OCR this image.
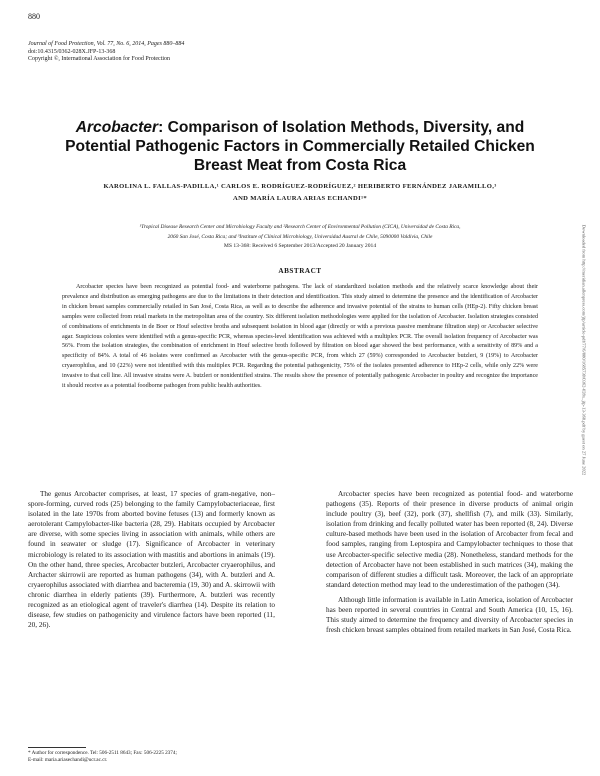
880
Journal of Food Protection, Vol. 77, No. 6, 2014, Pages 880–884
doi:10.4315/0362-028X.JFP-13-368
Copyright ©, International Association for Food Protection
Downloaded from http://meridian.allenpress.com/jfp/article-pdf/77/6/880/1685730/0362-028x_jfp-13-368.pdf by guest on 27 June 2022
Arcobacter: Comparison of Isolation Methods, Diversity, and Potential Pathogenic Factors in Commercially Retailed Chicken Breast Meat from Costa Rica
KAROLINA L. FALLAS-PADILLA,¹ CARLOS E. RODRÍGUEZ-RODRÍGUEZ,² HERIBERTO FERNÁNDEZ JARAMILLO,³
AND MARÍA LAURA ARIAS ECHANDI¹*
¹Tropical Disease Research Center and Microbiology Faculty and ²Research Center of Environmental Pollution (CICA), Universidad de Costa Rica,
2060 San José, Costa Rica; and ³Institute of Clinical Microbiology, Universidad Austral de Chile, 5090000 Valdivia, Chile
MS 13-368: Received 6 September 2013/Accepted 20 January 2014
ABSTRACT

Arcobacter species have been recognized as potential food- and waterborne pathogens. The lack of standardized isolation methods and the relatively scarce knowledge about their prevalence and distribution as emerging pathogens are due to the limitations in their detection and identification. This study aimed to determine the presence and the identification of Arcobacter in chicken breast samples commercially retailed in San José, Costa Rica, as well as to describe the adherence and invasive potential of the strains to human cells (HEp-2). Fifty chicken breast samples were collected from retail markets in the metropolitan area of the country. Six different isolation methodologies were applied for the isolation of Arcobacter. Isolation strategies consisted of combinations of enrichments in de Boer or Houf selective broths and subsequent isolation in blood agar (directly or with a previous passive membrane filtration step) or Arcobacter selective agar. Suspicious colonies were identified with a genus-specific PCR, whereas species-level identification was achieved with a multiplex PCR. The overall isolation frequency of Arcobacter was 56%. From the isolation strategies, the combination of enrichment in Houf selective broth followed by filtration on blood agar showed the best performance, with a sensitivity of 89% and a specificity of 84%. A total of 46 isolates were confirmed as Arcobacter with the genus-specific PCR, from which 27 (59%) corresponded to Arcobacter butzleri, 9 (19%) to Arcobacter cryaerophilus, and 10 (22%) were not identified with this multiplex PCR. Regarding the potential pathogenicity, 75% of the isolates presented adherence to HEp-2 cells, while only 22% were invasive to that cell line. All invasive strains were A. butzleri or nonidentified strains. The results show the presence of potentially pathogenic Arcobacter in poultry and recognize the importance it should receive as a potential foodborne pathogen from public health authorities.

The genus Arcobacter comprises, at least, 17 species of gram-negative, non–spore-forming, curved rods (25) belonging to the family Campylobacteriaceae, first isolated in the late 1970s from aborted bovine fetuses (13) and formerly known as aerotolerant Campylobacter-like bacteria (28, 29). Habitats occupied by Arcobacter are diverse, with some species living in association with animals, while others are found in seawater or sludge (17). Significance of Arcobacter in veterinary microbiology is related to its association with mastitis and abortions in animals (19). On the other hand, three species, Arcobacter butzleri, Arcobacter cryaerophilus, and Archacter skirrowii are reported as human pathogens (34), with A. butzleri and A. cryaerophilus associated with diarrhea and bacteremia (19, 30) and A. skirrowii with chronic diarrhea in elderly patients (39). Furthermore, A. butzleri was recently recognized as an etiological agent of traveler's diarrhea (14). Despite its relation to disease, few studies on pathogenicity and virulence factors have been reported (11, 20, 26).

Arcobacter species have been recognized as potential food- and waterborne pathogens (35). Reports of their presence in diverse products of animal origin include poultry (3), beef (32), pork (37), shellfish (7), and milk (33). Similarly, isolation from drinking and fecally polluted water has been reported (8, 24). Diverse culture-based methods have been used in the isolation of Arcobacter from fecal and food samples, ranging from Leptospira and Campylobacter techniques to those that use Arcobacter-specific selective media (28). Nonetheless, standard methods for the detection of Arcobacter have not been established in such matrices (34), making the comparison of different studies a difficult task. Moreover, the lack of an appropriate standard detection method may lead to the underestimation of the pathogen (34).

Although little information is available in Latin America, isolation of Arcobacter has been reported in several countries in Central and South America (10, 15, 16). This study aimed to determine the frequency and diversity of Arcobacter species in fresh chicken breast samples obtained from retailed markets in San José, Costa Rica.

* Author for correspondence. Tel: 506-2511 8643; Fax: 506-2225 2374;
E-mail: maria.ariasechandi@ucr.ac.cr.
